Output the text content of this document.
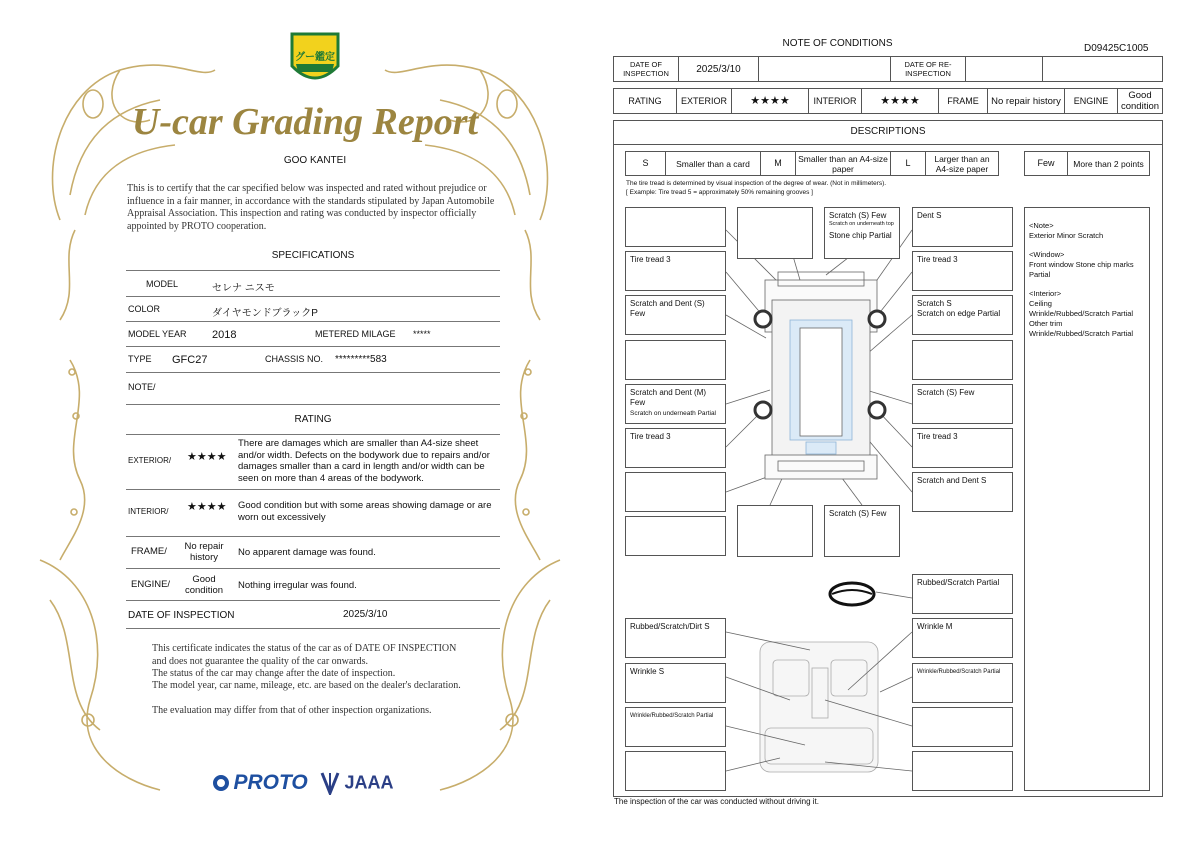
グー鑑定
U-car Grading Report
GOO KANTEI
This is to certify that the car specified below was inspected and rated without prejudice or influence in a fair manner, in accordance with the standards stipulated by Japan Automobile Appraisal Association. This inspection and rating was conducted by inspector officially appointed by PROTO cooperation.
SPECIFICATIONS
MODEL	セレナ ニスモ
COLOR	ダイヤモンドブラックP
MODEL YEAR 2018	METERED MILAGE *****
TYPE GFC27	CHASSIS NO. *********583
NOTE/
RATING
EXTERIOR/ ★★★★
There are damages which are smaller than A4-size sheet and/or width. Defects on the bodywork due to repairs and/or damages smaller than a card in length and/or width can be seen on more than 4 areas of the bodywork.
INTERIOR/ ★★★★ Good condition but with some areas showing damage or are worn out excessively
FRAME/	No repair history	No apparent damage was found.
ENGINE/	Good condition	Nothing irregular was found.
DATE OF INSPECTION	2025/3/10
This certificate indicates the status of the car as of DATE OF INSPECTION and does not guarantee the quality of the car onwards.
The status of the car may change after the date of inspection.
The model year, car name, mileage, etc. are based on the dealer's declaration.
The evaluation may differ from that of other inspection organizations.
PROTO	JAAA
NOTE OF CONDITIONS	D09425C1005
DATE OF INSPECTION	2025/3/10		DATE OF RE-INSPECTION		
RATING	EXTERIOR	★★★★	INTERIOR	★★★★	FRAME	No repair history	ENGINE	Good condition
DESCRIPTIONS
S	Smaller than a card	M	Smaller than an A4-size paper	L	Larger than an A4-size paper
Few	More than 2 points
The tire tread is determined by visual inspection of the degree of wear. (Not in millimeters).
[ Example: Tire tread 5 = approximately 50% remaining grooves ]
Tire tread 3
Scratch and Dent (S) Few
Scratch and Dent (M) Few
Scratch on underneath Partial
Tire tread 3
Scratch (S) Few
Scratch on underneath top
Stone chip Partial
Scratch (S) Few
Dent S
Tire tread 3
Scratch S
Scratch on edge Partial
Scratch (S) Few
Tire tread 3
Scratch and Dent S
Rubbed/Scratch Partial
Rubbed/Scratch/Dirt S	Wrinkle M
Wrinkle S	Wrinkle/Rubbed/Scratch Partial
Wrinkle/Rubbed/Scratch Partial

<Note>
Exterior Minor Scratch

<Window>
Front window Stone chip marks Partial

<Interior>
Ceiling
Wrinkle/Rubbed/Scratch Partial
Other trim
Wrinkle/Rubbed/Scratch Partial

The inspection of the car was conducted without driving it.
